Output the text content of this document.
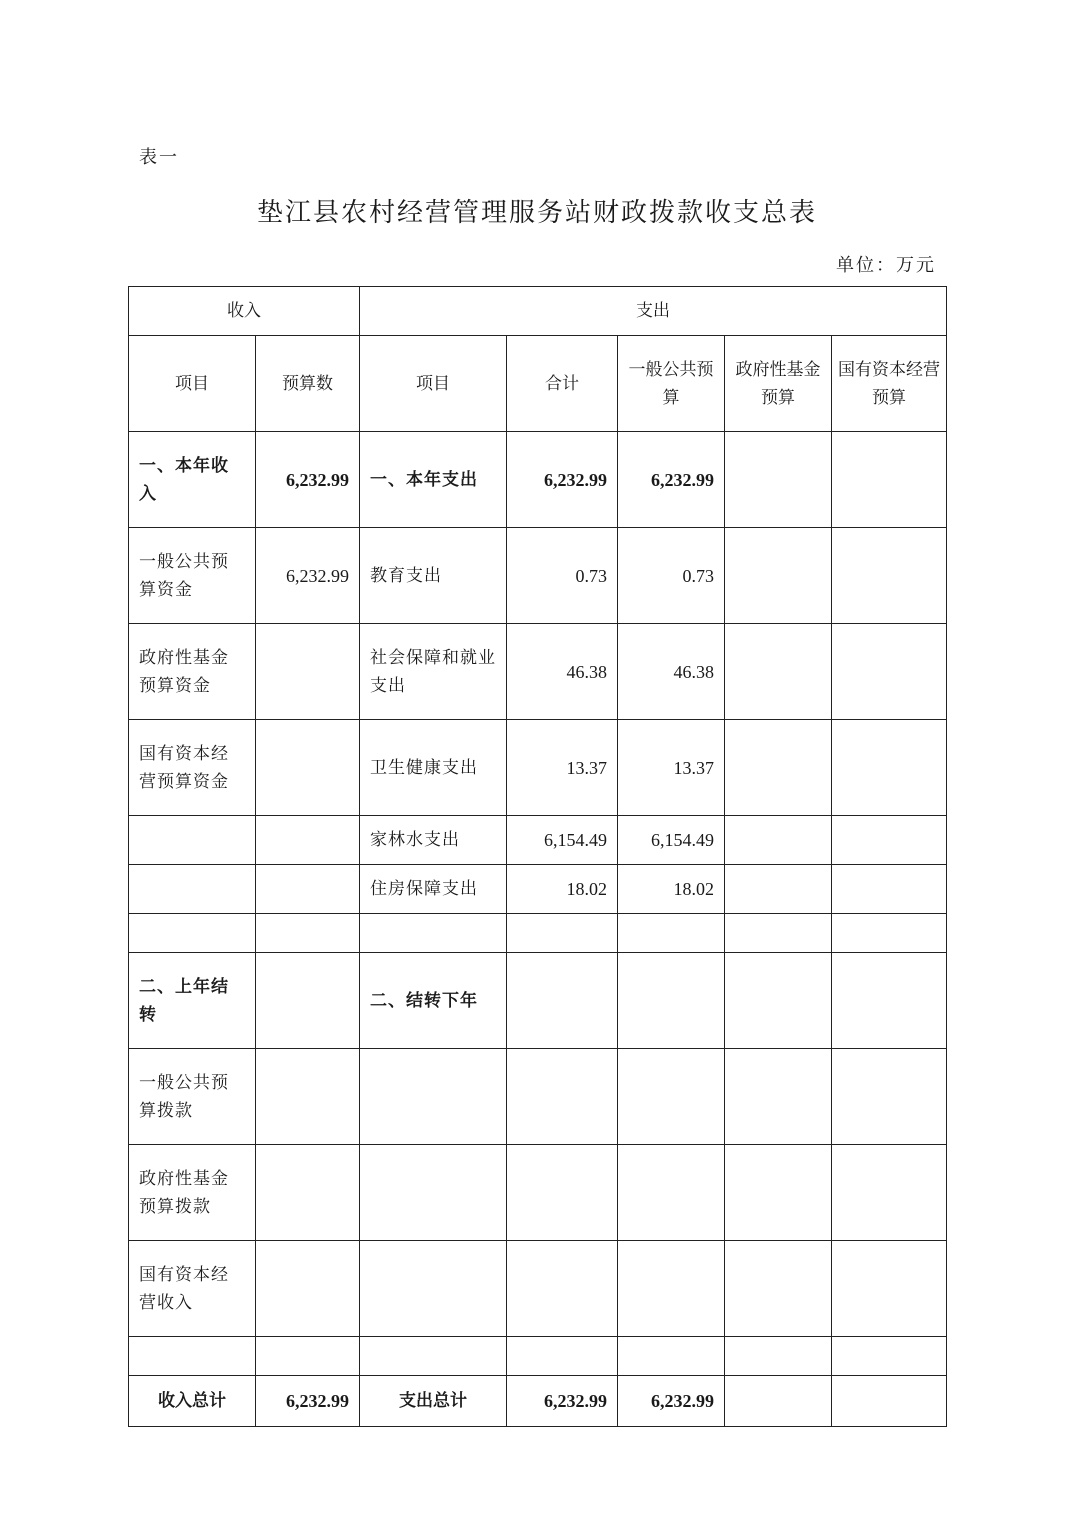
表一
垫江县农村经营管理服务站财政拨款收支总表
单位：万元
收入		支出				
项目	预算数	项目	合计	一般公共预算	政府性基金预算	国有资本经营预算
一、本年收入	6,232.99	一、本年支出	6,232.99	6,232.99		
一般公共预算资金	6,232.99	教育支出	0.73	0.73		
政府性基金预算资金		社会保障和就业支出	46.38	46.38		
国有资本经营预算资金		卫生健康支出	13.37	13.37		
		家林水支出	6,154.49	6,154.49		
		住房保障支出	18.02	18.02		

二、上年结转		二、结转下年				
一般公共预算拨款						
政府性基金预算拨款						
国有资本经营收入						

收入总计	6,232.99	支出总计	6,232.99	6,232.99		
